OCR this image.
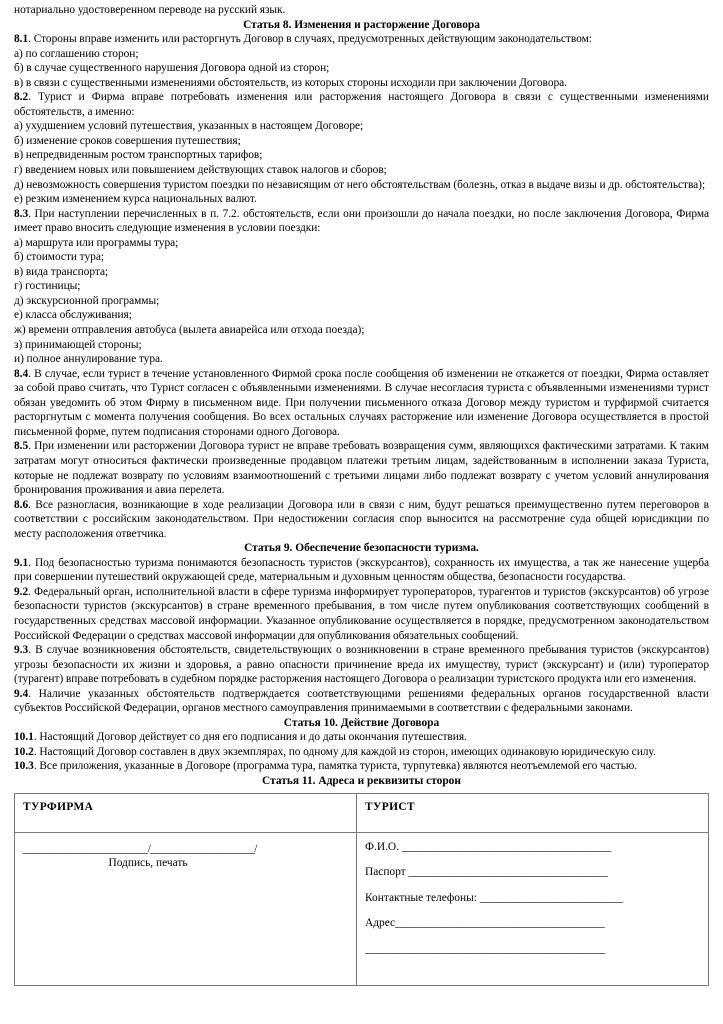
нотариально удостоверенном переводе на русский язык.

Статья 8. Изменения и расторжение Договора

8.1. Стороны вправе изменить или расторгнуть Договор в случаях, предусмотренных действующим законодательством:

а) по соглашению сторон;

б) в случае существенного нарушения Договора одной из сторон;

в) в связи с существенными изменениями обстоятельств, из которых стороны исходили при заключении Договора.

8.2. Турист и Фирма вправе потребовать изменения или расторжения настоящего Договора в связи с существенными изменениями обстоятельств, а именно:

а) ухудшением условий путешествия, указанных в настоящем Договоре;

б) изменение сроков совершения путешествия;

в) непредвиденным ростом транспортных тарифов;

г) введением новых или повышением действующих ставок налогов и сборов;

д) невозможность совершения туристом поездки по независящим от него обстоятельствам (болезнь, отказ в выдаче визы и др. обстоятельства);

е) резким изменением курса национальных валют.

8.3. При наступлении перечисленных в п. 7.2. обстоятельств, если они произошли до начала поездки, но после заключения Договора, Фирма имеет право вносить следующие изменения в условии поездки:

а) маршрута или программы тура;

б) стоимости тура;

в) вида транспорта;

г) гостиницы;

д) экскурсионной программы;

е) класса обслуживания;

ж) времени отправления автобуса (вылета авиарейса или отхода поезда);

з) принимающей стороны;

и) полное аннулирование тура.

8.4. В случае, если турист в течение установленного Фирмой срока после сообщения об изменении не откажется от поездки, Фирма оставляет за собой право считать, что Турист согласен с объявленными изменениями. В случае несогласия туриста с объявленными изменениями турист обязан уведомить об этом Фирму в письменном виде. При получении письменного отказа Договор между туристом и турфирмой считается расторгнутым с момента получения сообщения. Во всех остальных случаях расторжение или изменение Договора осуществляется в простой письменной форме, путем подписания сторонами одного Договора.

8.5. При изменении или расторжении Договора турист не вправе требовать возвращения сумм, являющихся фактическими затратами. К таким затратам могут относиться фактически произведенные продавцом платежи третьим лицам, задействованным в исполнении заказа Туриста, которые не подлежат возврату по условиям взаимоотношений с третьими лицами либо подлежат возврату с учетом условий аннулирования бронирования проживания и авиа перелета.

8.6. Все разногласия, возникающие в ходе реализации Договора или в связи с ним, будут решаться преимущественно путем переговоров в соответствии с российским законодательством. При недостижении согласия спор выносится на рассмотрение суда общей юрисдикции по месту расположения ответчика.

Статья 9. Обеспечение безопасности туризма.

9.1. Под безопасностью туризма понимаются безопасность туристов (экскурсантов), сохранность их имущества, а так же нанесение ущерба при совершении путешествий окружающей среде, материальным и духовным ценностям общества, безопасности государства.

9.2. Федеральный орган, исполнительной власти в сфере туризма информирует туроператоров, турагентов и туристов (экскурсантов) об угрозе безопасности туристов (экскурсантов) в стране временного пребывания, в том числе путем опубликования соответствующих сообщений в государственных средствах массовой информации. Указанное опубликование осуществляется в порядке, предусмотренном законодательством Российской Федерации о средствах массовой информации для опубликования обязательных сообщений.

9.3. В случае возникновения обстоятельств, свидетельствующих о возникновении в стране временного пребывания туристов (экскурсантов) угрозы безопасности их жизни и здоровья, а равно опасности причинение вреда их имуществу, турист (экскурсант) и (или) туроператор (турагент) вправе потребовать в судебном порядке расторжения настоящего Договора о реализации туристского продукта или его изменения.

9.4. Наличие указанных обстоятельств подтверждается соответствующими решениями федеральных органов государственной власти субъектов Российской Федерации, органов местного самоуправления принимаемыми в соответствии с федеральными законами.

Статья 10. Действие Договора

10.1. Настоящий Договор действует со дня его подписания и до даты окончания путешествия.

10.2. Настоящий Договор составлен в двух экземплярах, по одному для каждой из сторон, имеющих одинаковую юридическую силу.

10.3. Все приложения, указанные в Договоре (программа тура, памятка туриста, турпутевка) являются неотъемлемой его частью.

Статья 11. Адреса и реквизиты сторон
ТУРФИРМА	ТУРИСТ

________________________/____________________/
Подпись, печать

Ф.И.О. _________________________________________
Паспорт _______________________________________
Контактные телефоны: ____________________________
Адрес_________________________________________
_______________________________________________
